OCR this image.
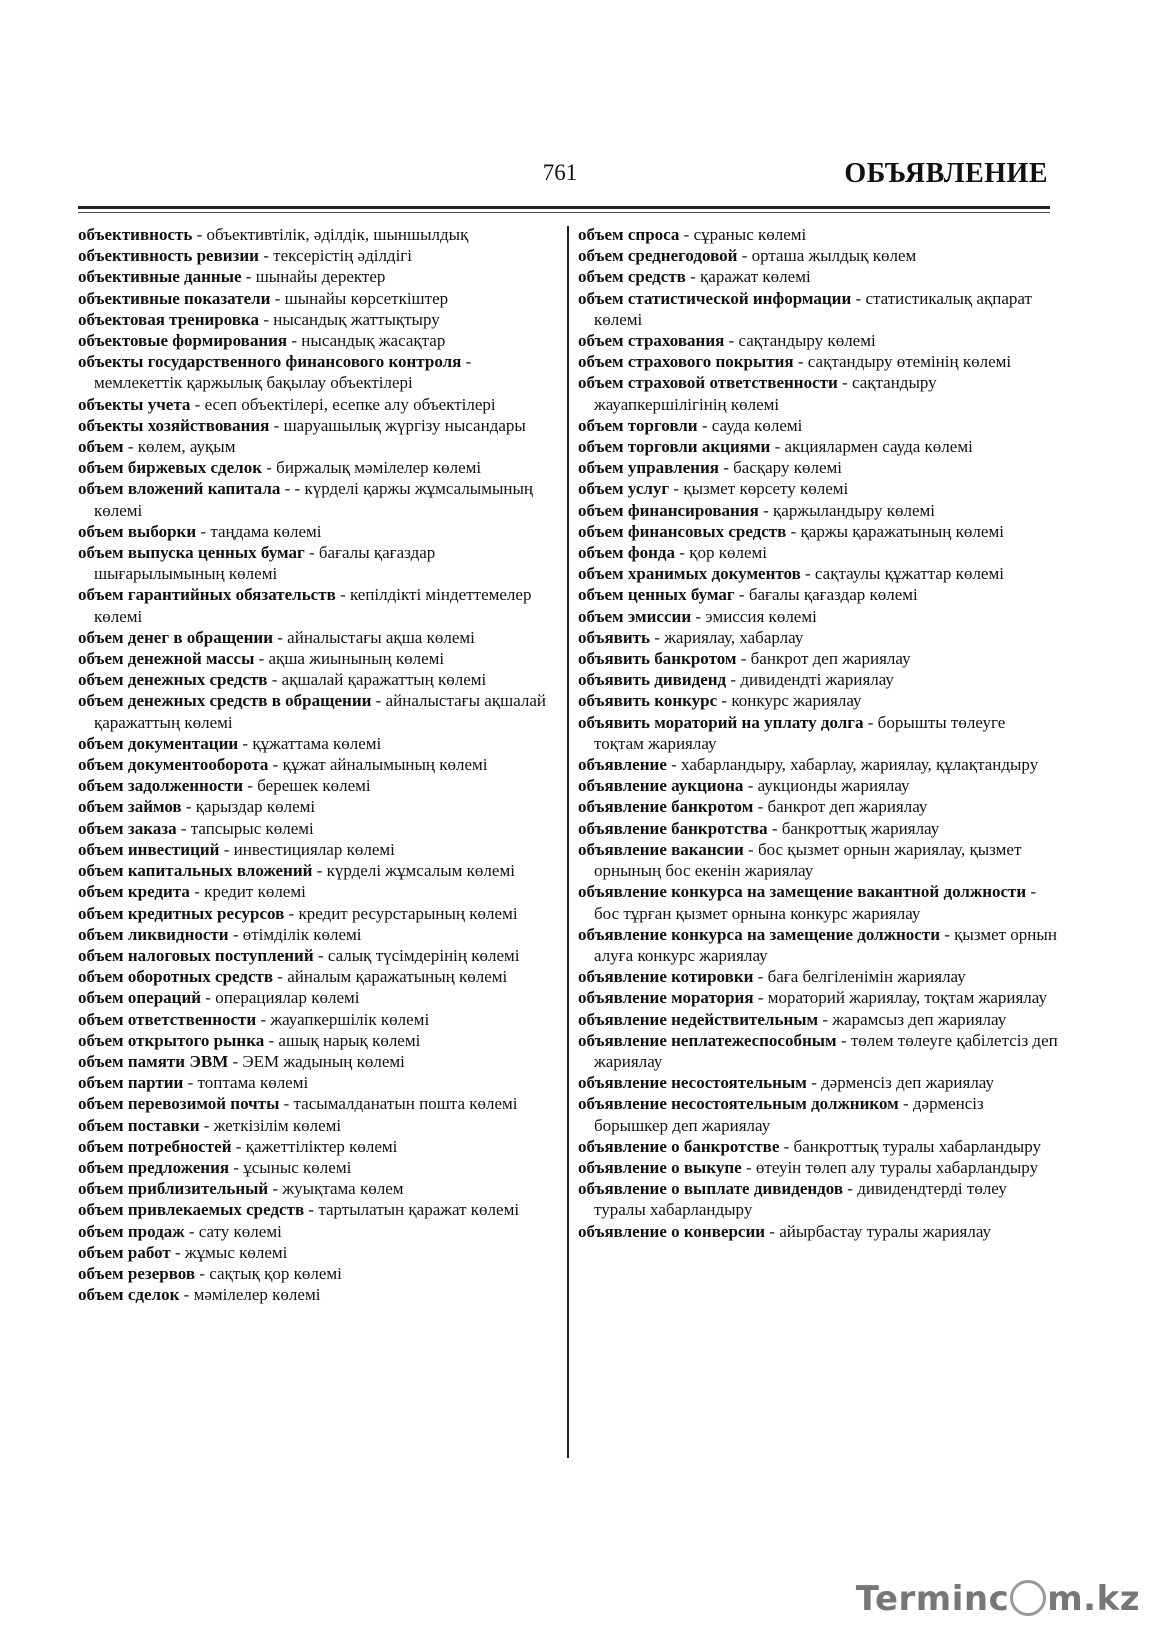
761	ОБЪЯВЛЕНИЕ

объективность - объективтілік, әділдік, шыншылдық

объективность ревизии - тексерістің әділдігі

объективные данные - шынайы деректер

объективные показатели - шынайы көрсеткіштер

объектовая тренировка - нысандық жаттықтыру

объектовые формирования - нысандық жасақтар

объекты государственного финансового контроля - мемлекеттік қаржылық бақылау объектілері

объекты учета - есеп объектілері, есепке алу объектілері

объекты хозяйствования - шаруашылық жүргізу нысандары

объем - көлем, ауқым

объем биржевых сделок - биржалық мәмілелер көлемі

объем вложений капитала - - күрделі қаржы жұмсалымының көлемі

объем выборки - таңдама көлемі

объем выпуска ценных бумаг - бағалы қағаздар шығарылымының көлемі

объем гарантийных обязательств - кепілдікті міндеттемелер көлемі

объем денег в обращении - айналыстағы ақша көлемі

объем денежной массы - ақша жиынының көлемі

объем денежных средств - ақшалай қаражаттың көлемі

объем денежных средств в обращении - айналыстағы ақшалай қаражаттың көлемі

объем документации - құжаттама көлемі

объем документооборота - құжат айналымының көлемі

объем задолженности - берешек көлемі

объем займов - қарыздар көлемі

объем заказа - тапсырыс көлемі

объем инвестиций - инвестициялар көлемі

объем капитальных вложений - күрделі жұмсалым көлемі

объем кредита - кредит көлемі

объем кредитных ресурсов - кредит ресурстарының көлемі

объем ликвидности - өтімділік көлемі

объем налоговых поступлений - салық түсімдерінің көлемі

объем оборотных средств - айналым қаражатының көлемі

объем операций - операциялар көлемі

объем ответственности - жауапкершілік көлемі

объем открытого рынка - ашық нарық көлемі

объем памяти ЭВМ - ЭЕМ жадының көлемі

объем партии - топтама көлемі

объем перевозимой почты - тасымалданатын пошта көлемі

объем поставки - жеткізілім көлемі

объем потребностей - қажеттіліктер көлемі

объем предложения - ұсыныс көлемі

объем приблизительный - жуықтама көлем

объем привлекаемых средств - тартылатын қаражат көлемі

объем продаж - сату көлемі

объем работ - жұмыс көлемі

объем резервов - сақтық қор көлемі

объем сделок - мәмілелер көлемі

объем спроса - сұраныс көлемі

объем среднегодовой - орташа жылдық көлем

объем средств - қаражат көлемі

объем статистической информации - статистикалық ақпарат көлемі

объем страхования - сақтандыру көлемі

объем страхового покрытия - сақтандыру өтемінің көлемі

объем страховой ответственности - сақтандыру жауапкершілігінің көлемі

объем торговли - сауда көлемі

объем торговли акциями - акциялармен сауда көлемі

объем управления - басқару көлемі

объем услуг - қызмет көрсету көлемі

объем финансирования - қаржыландыру көлемі

объем финансовых средств - қаржы қаражатының көлемі

объем фонда - қор көлемі

объем хранимых документов - сақтаулы құжаттар көлемі

объем ценных бумаг - бағалы қағаздар көлемі

объем эмиссии - эмиссия көлемі

объявить - жариялау, хабарлау

объявить банкротом - банкрот деп жариялау

объявить дивиденд - дивидендті жариялау

объявить конкурс - конкурс жариялау

объявить мораторий на уплату долга - борышты төлеуге тоқтам жариялау

объявление - хабарландыру, хабарлау, жариялау, құлақтандыру

объявление аукциона - аукционды жариялау

объявление банкротом - банкрот деп жариялау

объявление банкротства - банкроттық жариялау

объявление вакансии - бос қызмет орнын жариялау, қызмет орнының бос екенін жариялау

объявление конкурса на замещение вакантной должности - бос тұрған қызмет орнына конкурс жариялау

объявление конкурса на замещение должности - қызмет орнын алуға конкурс жариялау

объявление котировки - баға белгіленімін жариялау

объявление моратория - мораторий жариялау, тоқтам жариялау

объявление недействительным - жарамсыз деп жариялау

объявление неплатежеспособным - төлем төлеуге қабілетсіз деп жариялау

объявление несостоятельным - дәрменсіз деп жариялау

объявление несостоятельным должником - дәрменсіз борышкер деп жариялау

объявление о банкротстве - банкроттық туралы хабарландыру

объявление о выкупе - өтеуін төлеп алу туралы хабарландыру

объявление о выплате дивидендов - дивидендтерді төлеу туралы хабарландыру

объявление о конверсии - айырбастау туралы жариялау

Terminc m.kz
